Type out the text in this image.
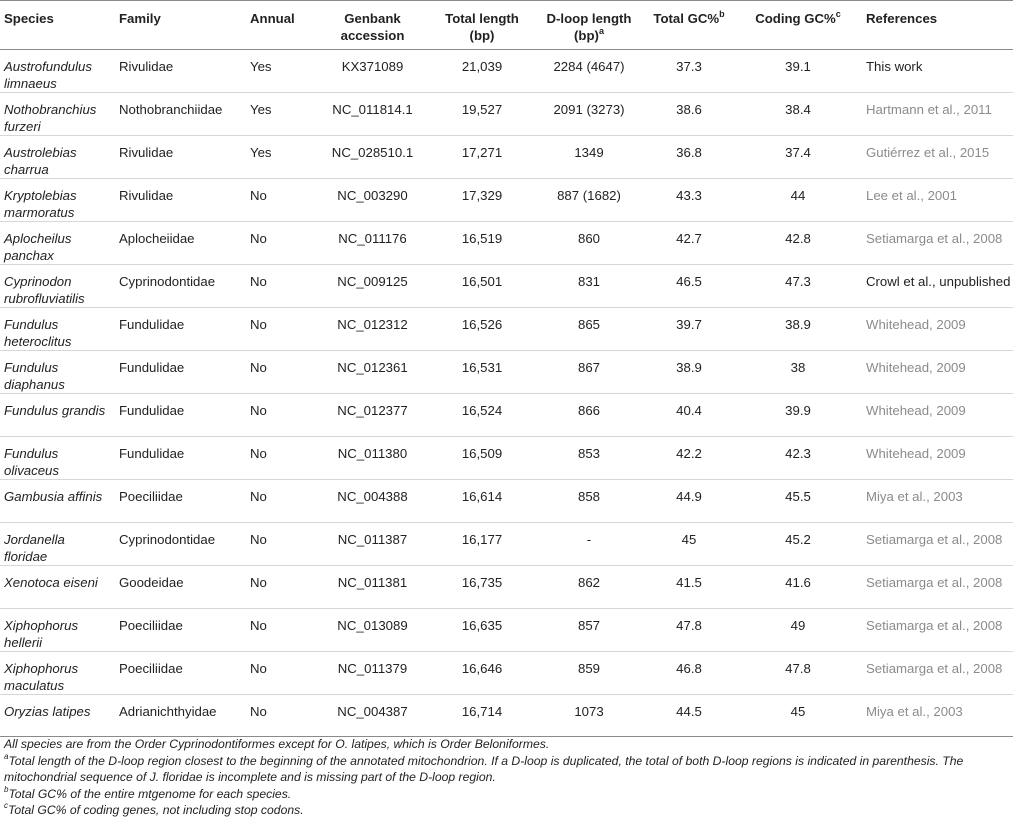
Species	Family	Annual	Genbank accession	Total length (bp)	D-loop length (bp)$^a$	Total GC%$^b$	Coding GC%$^c$	References
Austrofundulus limnaeus	Rivulidae	Yes	KX371089	21,039	2284 (4647)	37.3	39.1	This work
Nothobranchius furzeri	Nothobranchiidae	Yes	NC_011814.1	19,527	2091 (3273)	38.6	38.4	Hartmann et al., 2011
Austrolebias charrua	Rivulidae	Yes	NC_028510.1	17,271	1349	36.8	37.4	Gutiérrez et al., 2015
Kryptolebias marmoratus	Rivulidae	No	NC_003290	17,329	887 (1682)	43.3	44	Lee et al., 2001
Aplocheilus panchax	Aplocheiidae	No	NC_011176	16,519	860	42.7	42.8	Setiamarga et al., 2008
Cyprinodon rubrofluviatilis	Cyprinodontidae	No	NC_009125	16,501	831	46.5	47.3	Crowl et al., unpublished
Fundulus heteroclitus	Fundulidae	No	NC_012312	16,526	865	39.7	38.9	Whitehead, 2009
Fundulus diaphanus	Fundulidae	No	NC_012361	16,531	867	38.9	38	Whitehead, 2009
Fundulus grandis	Fundulidae	No	NC_012377	16,524	866	40.4	39.9	Whitehead, 2009
Fundulus olivaceus	Fundulidae	No	NC_011380	16,509	853	42.2	42.3	Whitehead, 2009
Gambusia affinis	Poeciliidae	No	NC_004388	16,614	858	44.9	45.5	Miya et al., 2003
Jordanella floridae	Cyprinodontidae	No	NC_011387	16,177	-	45	45.2	Setiamarga et al., 2008
Xenotoca eiseni	Goodeidae	No	NC_011381	16,735	862	41.5	41.6	Setiamarga et al., 2008
Xiphophorus hellerii	Poeciliidae	No	NC_013089	16,635	857	47.8	49	Setiamarga et al., 2008
Xiphophorus maculatus	Poeciliidae	No	NC_011379	16,646	859	46.8	47.8	Setiamarga et al., 2008
Oryzias latipes	Adrianichthyidae	No	NC_004387	16,714	1073	44.5	45	Miya et al., 2003
All species are from the Order Cyprinodontiformes except for O. latipes, which is Order Beloniformes.
$^a$Total length of the D-loop region closest to the beginning of the annotated mitochondrion. If a D-loop is duplicated, the total of both D-loop regions is indicated in parenthesis. The mitochondrial sequence of J. floridae is incomplete and is missing part of the D-loop region.
$^b$Total GC% of the entire mtgenome for each species.
$^c$Total GC% of coding genes, not including stop codons.
